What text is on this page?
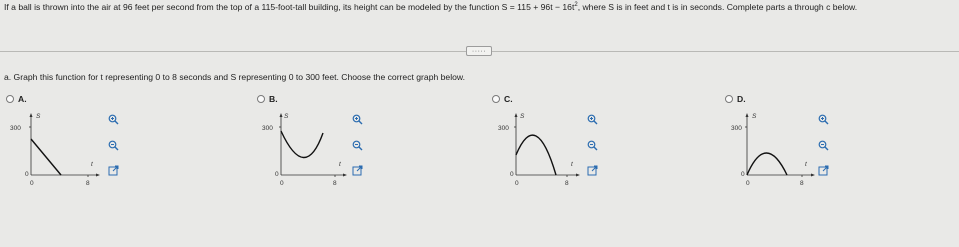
If a ball is thrown into the air at 96 feet per second from the top of a 115-foot-tall building, its height can be modeled by the function $S = 115 + 96t - 16t^2$, where S is in feet and t is in seconds. Complete parts a through c below.
·····
a. Graph this function for t representing 0 to 8 seconds and S representing 0 to 300 feet. Choose the correct graph below.
A.
300
0
0	8
S
t
B.
300
0
0	8
S
t
C.
300
0
0	8
S
t
D.
300
0
0	8
S
t
